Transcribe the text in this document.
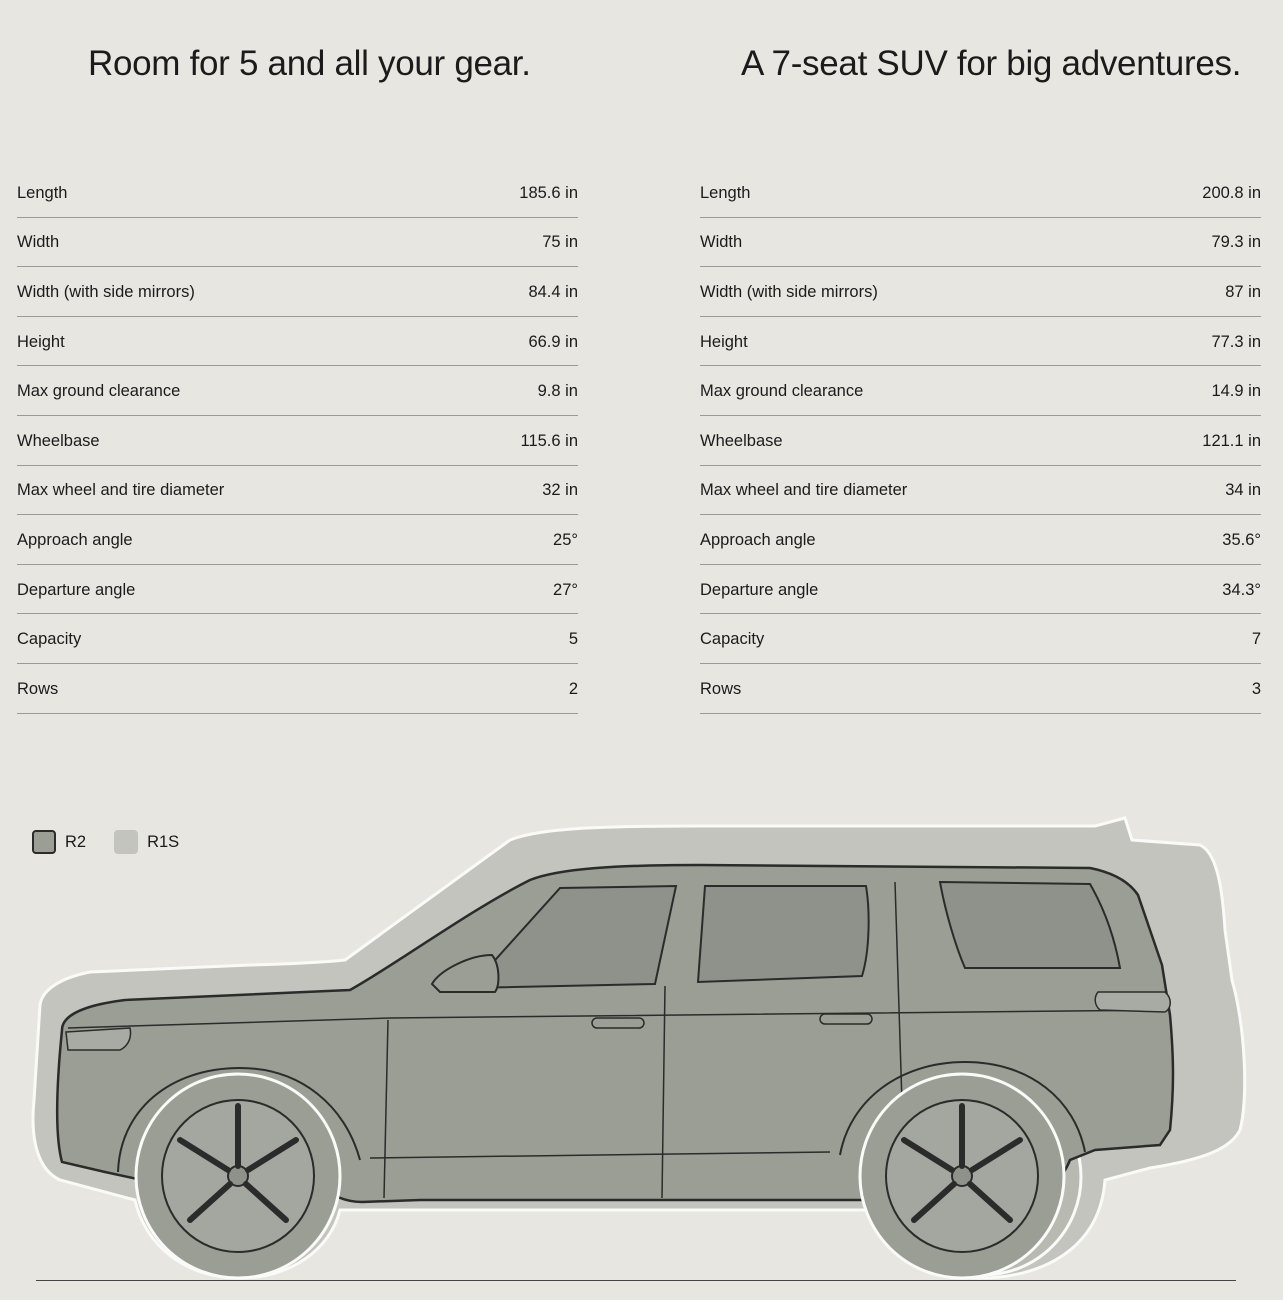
Room for 5 and all your gear.	A 7-seat SUV for big adventures.
Length	185.6 in
Width	75 in
Width (with side mirrors)	84.4 in
Height	66.9 in
Max ground clearance	9.8 in
Wheelbase	115.6 in
Max wheel and tire diameter	32 in
Approach angle	25°
Departure angle	27°
Capacity	5
Rows	2
Length	200.8 in
Width	79.3 in
Width (with side mirrors)	87 in
Height	77.3 in
Max ground clearance	14.9 in
Wheelbase	121.1 in
Max wheel and tire diameter	34 in
Approach angle	35.6°
Departure angle	34.3°
Capacity	7
Rows	3
R2	R1S
